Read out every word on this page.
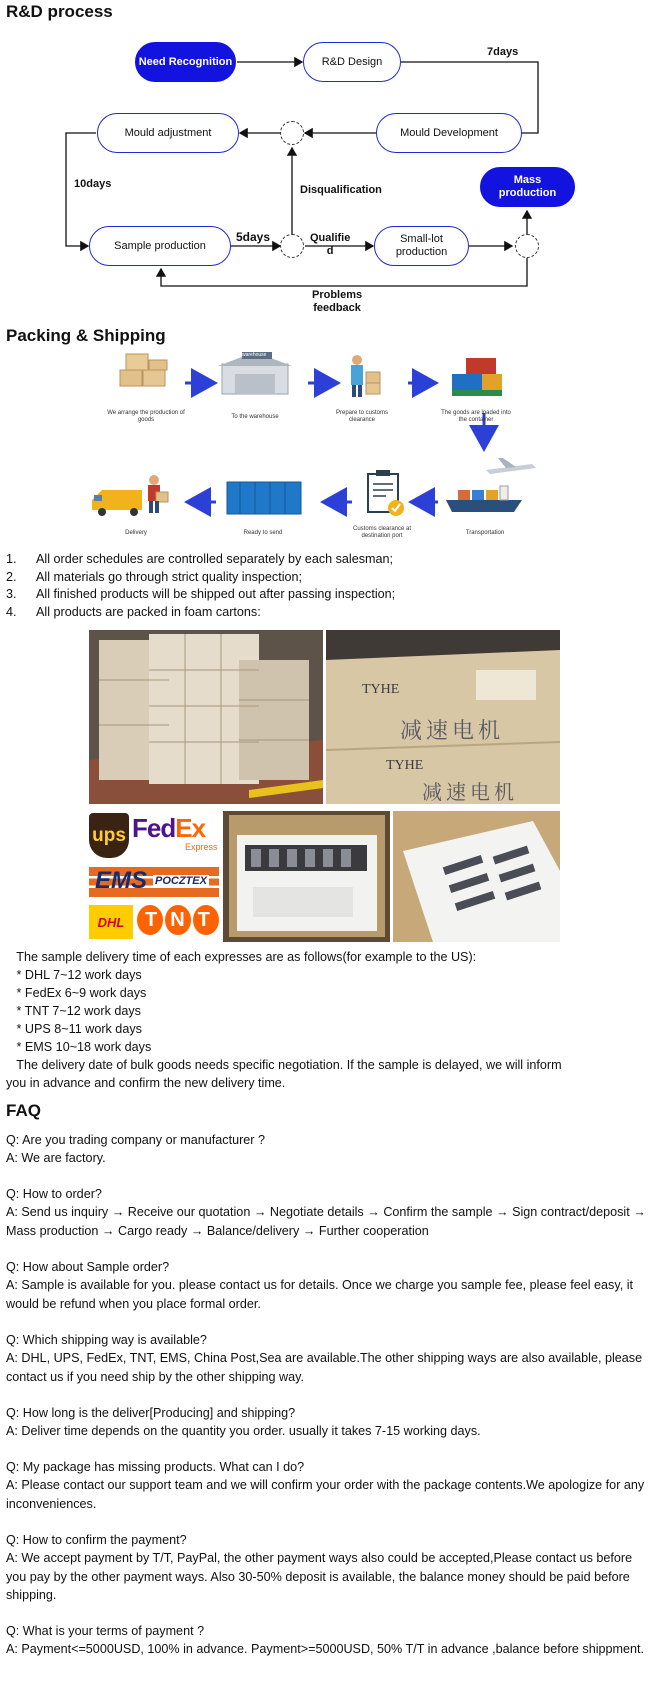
R&D process
Need Recognition	R&D Design
Mould adjustment	Mould Development
Mass production
Sample production
Small-lot production
7days
10days	Disqualification
5days	Qualifie
d
Problems
feedback
Packing & Shipping
warehouse
We arrange the production of goods	To the warehouse
Prepare to customs clearance
The goods are loaded into the container
Transportation
Customs clearance at destination port
Ready to send
Delivery
1.	All order schedules are controlled separately by each salesman;
2.	All materials go through strict quality inspection;
3.	All finished products will be shipped out after passing inspection;
4.	All products are packed in foam cartons:
TYHE
减速电机
TYHE
减速电机
ups FedEx
Express
EMS POCZTEX
DHL	TNT
The sample delivery time of each expresses are as follows(for example to the US):
* DHL 7~12 work days
* FedEx 6~9 work days
* TNT 7~12 work days
* UPS 8~11 work days
* EMS 10~18 work days
The delivery date of bulk goods needs specific negotiation. If the sample is delayed, we will inform
you in advance and confirm the new delivery time.
FAQ
Q: Are you trading company or manufacturer ?
A: We are factory.
Q: How to order?
A: Send us inquiry → Receive our quotation → Negotiate details → Confirm the sample → Sign contract/deposit → Mass production → Cargo ready → Balance/delivery → Further cooperation
Q: How about Sample order?
A: Sample is available for you. please contact us for details. Once we charge you sample fee, please feel easy, it would be refund when you place formal order.
Q: Which shipping way is available?
A: DHL, UPS, FedEx, TNT, EMS, China Post,Sea are available.The other shipping ways are also available, please contact us if you need ship by the other shipping way.
Q: How long is the deliver[Producing] and shipping?
A: Deliver time depends on the quantity you order. usually it takes 7-15 working days.
Q: My package has missing products. What can I do?
A: Please contact our support team and we will confirm your order with the package contents.We apologize for any inconveniences.
Q: How to confirm the payment?
A: We accept payment by T/T, PayPal, the other payment ways also could be accepted,Please contact us before you pay by the other payment ways. Also 30-50% deposit is available, the balance money should be paid before shipping.
Q: What is your terms of payment ?
A: Payment<=5000USD, 100% in advance. Payment>=5000USD, 50% T/T in advance ,balance before shippment.
